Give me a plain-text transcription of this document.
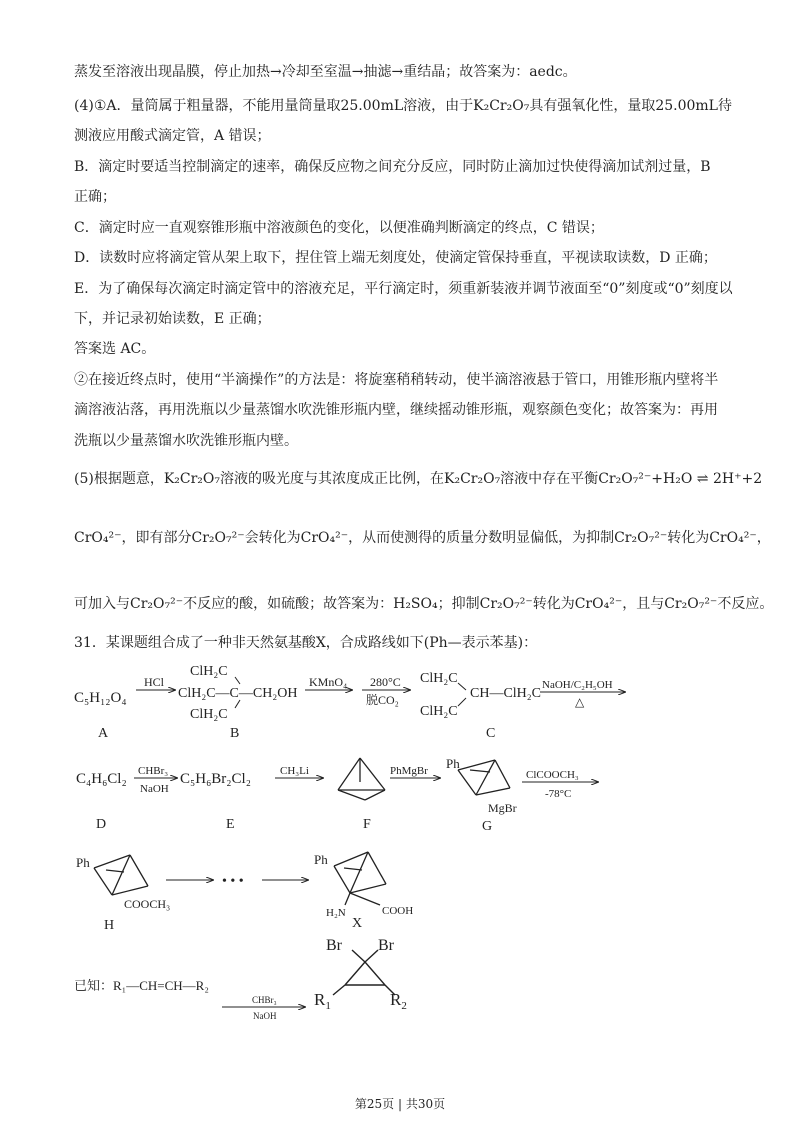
蒸发至溶液出现晶膜，停止加热→冷却至室温→抽滤→重结晶；故答案为：aedc。
(4)①A．量筒属于粗量器，不能用量筒量取25.00mL溶液，由于K₂Cr₂O₇具有强氧化性，量取25.00mL待
测液应用酸式滴定管，A 错误；
B．滴定时要适当控制滴定的速率，确保反应物之间充分反应，同时防止滴加过快使得滴加试剂过量，B
正确；
C．滴定时应一直观察锥形瓶中溶液颜色的变化，以便准确判断滴定的终点，C 错误；
D．读数时应将滴定管从架上取下，捏住管上端无刻度处，使滴定管保持垂直，平视读取读数，D 正确；
E．为了确保每次滴定时滴定管中的溶液充足，平行滴定时，须重新装液并调节液面至“0”刻度或“0”刻度以
下，并记录初始读数，E 正确；
答案选 AC。
②在接近终点时，使用“半滴操作”的方法是：将旋塞稍稍转动，使半滴溶液悬于管口，用锥形瓶内壁将半
滴溶液沾落，再用洗瓶以少量蒸馏水吹洗锥形瓶内壁，继续摇动锥形瓶，观察颜色变化；故答案为：再用
洗瓶以少量蒸馏水吹洗锥形瓶内壁。
(5)根据题意，K₂Cr₂O₇溶液的吸光度与其浓度成正比例，在K₂Cr₂O₇溶液中存在平衡Cr₂O₇²⁻+H₂O ⇌ 2H⁺+2
CrO₄²⁻，即有部分Cr₂O₇²⁻会转化为CrO₄²⁻，从而使测得的质量分数明显偏低，为抑制Cr₂O₇²⁻转化为CrO₄²⁻，
可加入与Cr₂O₇²⁻不反应的酸，如硫酸；故答案为：H₂SO₄；抑制Cr₂O₇²⁻转化为CrO₄²⁻，且与Cr₂O₇²⁻不反应。
31．某课题组合成了一种非天然氨基酸X，合成路线如下(Ph—表示苯基)：
C₅H₁₂O₄
A
HCl
ClH₂C
ClH₂C—C—CH₂OH
ClH₂C
B
KMnO₄ 280°C
脱CO₂
ClH₂C
CH—ClH₂C
ClH₂C
C
NaOH/C₂H₅OH
△
C₄H₆Cl₂
D
CHBr₃
NaOH
C₅H₆Br₂Cl₂
E
CH₃Li
F
PhMgBr Ph
MgBr
G
ClCOOCH₃
-78°C
Ph
COOCH₃
H
• • •
Ph
H₂N	COOH
X
已知：R₁—CH=CH—R₂
CHBr₃
NaOH
Br Br
$R_1$	$R_2$
第25页 | 共30页
